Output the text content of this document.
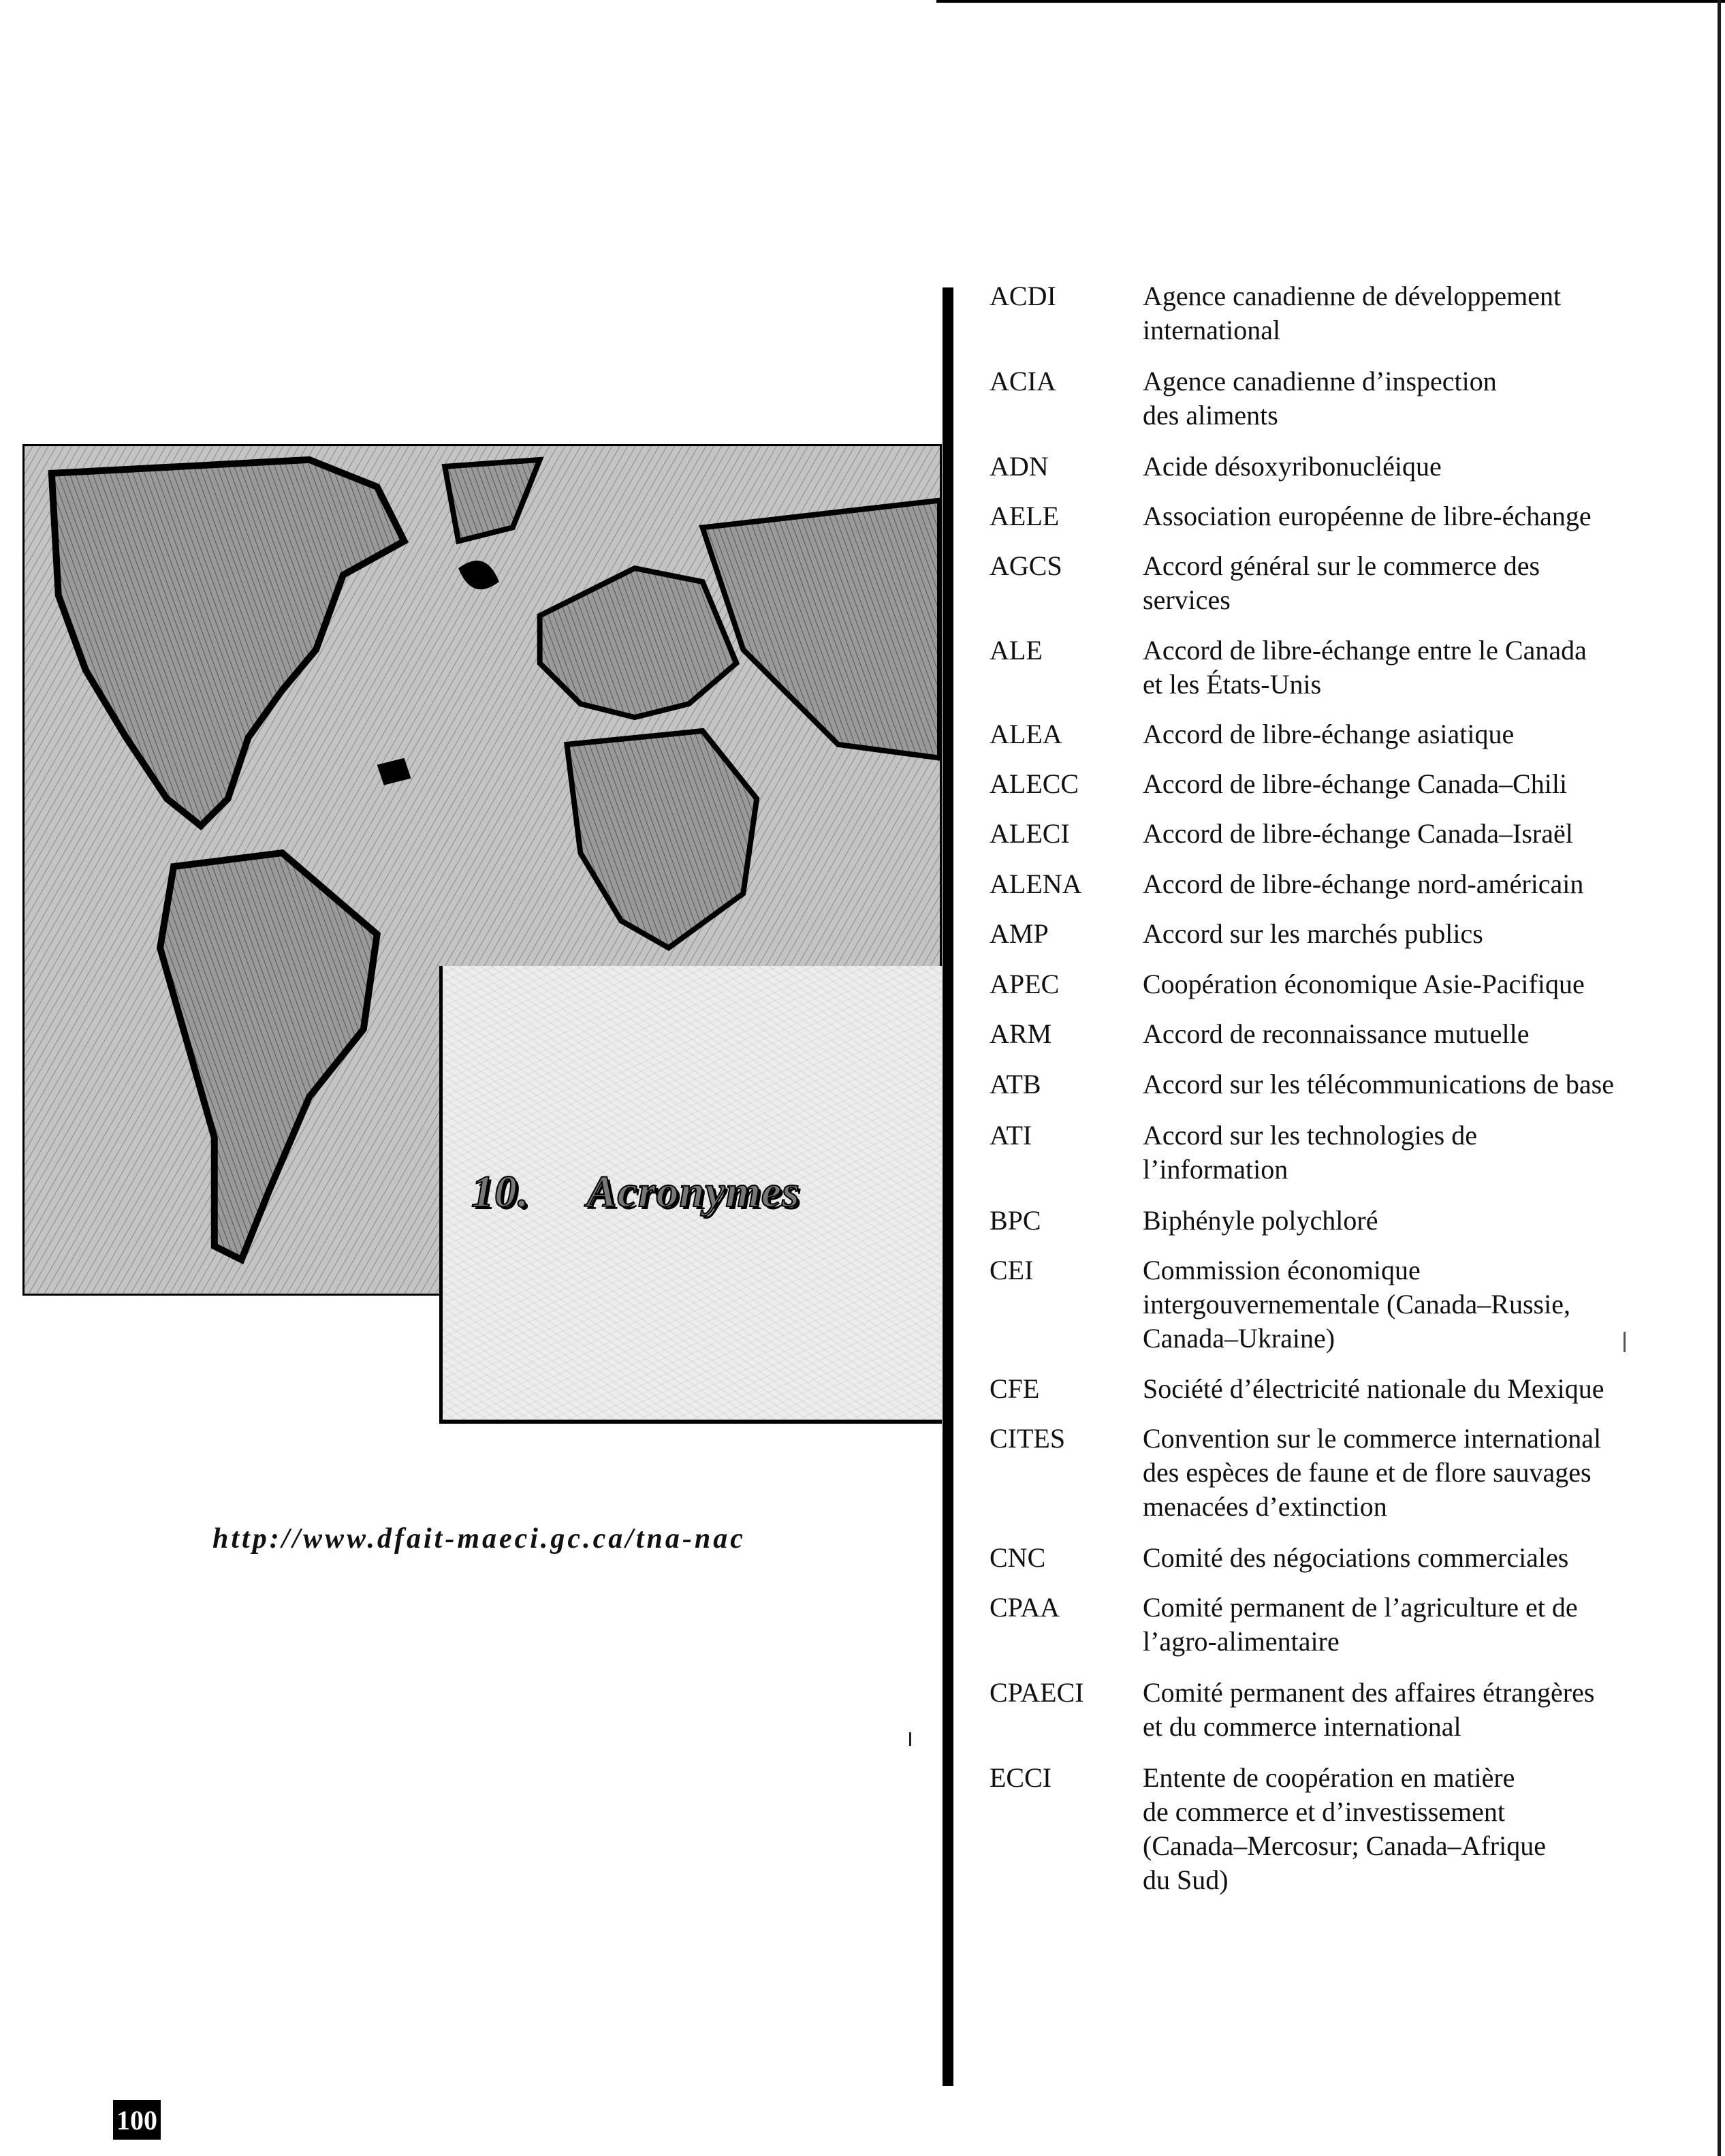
10. Acronymes
http://www.dfait-maeci.gc.ca/tna-nac
100
ACDI	Agence canadienne de développement
international
ACIA	Agence canadienne d’inspection
des aliments
ADN	Acide désoxyribonucléique
AELE	Association européenne de libre-échange
AGCS	Accord général sur le commerce des
services
ALE	Accord de libre-échange entre le Canada
et les États-Unis
ALEA	Accord de libre-échange asiatique
ALECC Accord de libre-échange Canada–Chili
ALECI	Accord de libre-échange Canada–Israël
ALENA Accord de libre-échange nord-américain
AMP	Accord sur les marchés publics
APEC	Coopération économique Asie-Pacifique
ARM	Accord de reconnaissance mutuelle
ATB	Accord sur les télécommunications de base
ATI	Accord sur les technologies de
l’information
BPC	Biphényle polychloré
CEI	Commission économique
intergouvernementale (Canada–Russie,
Canada–Ukraine)
CFE	Société d’électricité nationale du Mexique
CITES	Convention sur le commerce international
des espèces de faune et de flore sauvages
menacées d’extinction
CNC	Comité des négociations commerciales
CPAA	Comité permanent de l’agriculture et de
l’agro-alimentaire
CPAECI Comité permanent des affaires étrangères
et du commerce international
ECCI	Entente de coopération en matière
de commerce et d’investissement
(Canada–Mercosur; Canada–Afrique
du Sud)
